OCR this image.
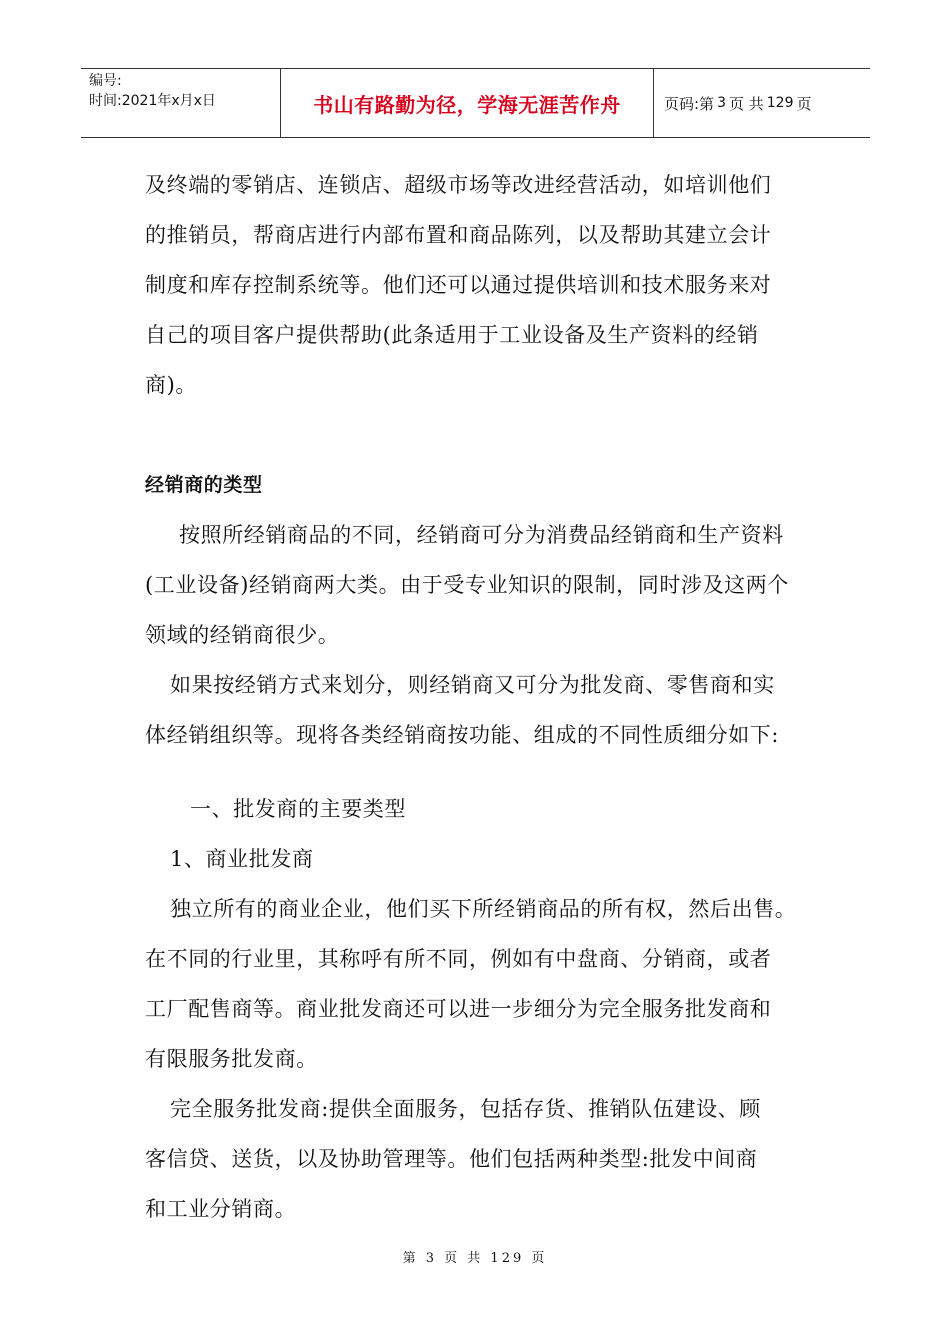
编号:
时间:2021年x月x日	书山有路勤为径，学海无涯苦作舟	页码:第 3 页 共 129 页

及终端的零销店、连锁店、超级市场等改进经营活动，如培训他们

的推销员，帮商店进行内部布置和商品陈列，以及帮助其建立会计

制度和库存控制系统等。他们还可以通过提供培训和技术服务来对

自己的项目客户提供帮助(此条适用于工业设备及生产资料的经销

商)。

经销商的类型

按照所经销商品的不同，经销商可分为消费品经销商和生产资料

(工业设备)经销商两大类。由于受专业知识的限制，同时涉及这两个

领域的经销商很少。

如果按经销方式来划分，则经销商又可分为批发商、零售商和实

体经销组织等。现将各类经销商按功能、组成的不同性质细分如下:

一、批发商的主要类型

1、商业批发商

独立所有的商业企业，他们买下所经销商品的所有权，然后出售。

在不同的行业里，其称呼有所不同，例如有中盘商、分销商，或者

工厂配售商等。商业批发商还可以进一步细分为完全服务批发商和

有限服务批发商。

完全服务批发商:提供全面服务，包括存货、推销队伍建设、顾

客信贷、送货，以及协助管理等。他们包括两种类型:批发中间商

和工业分销商。

第 3 页 共 129 页
